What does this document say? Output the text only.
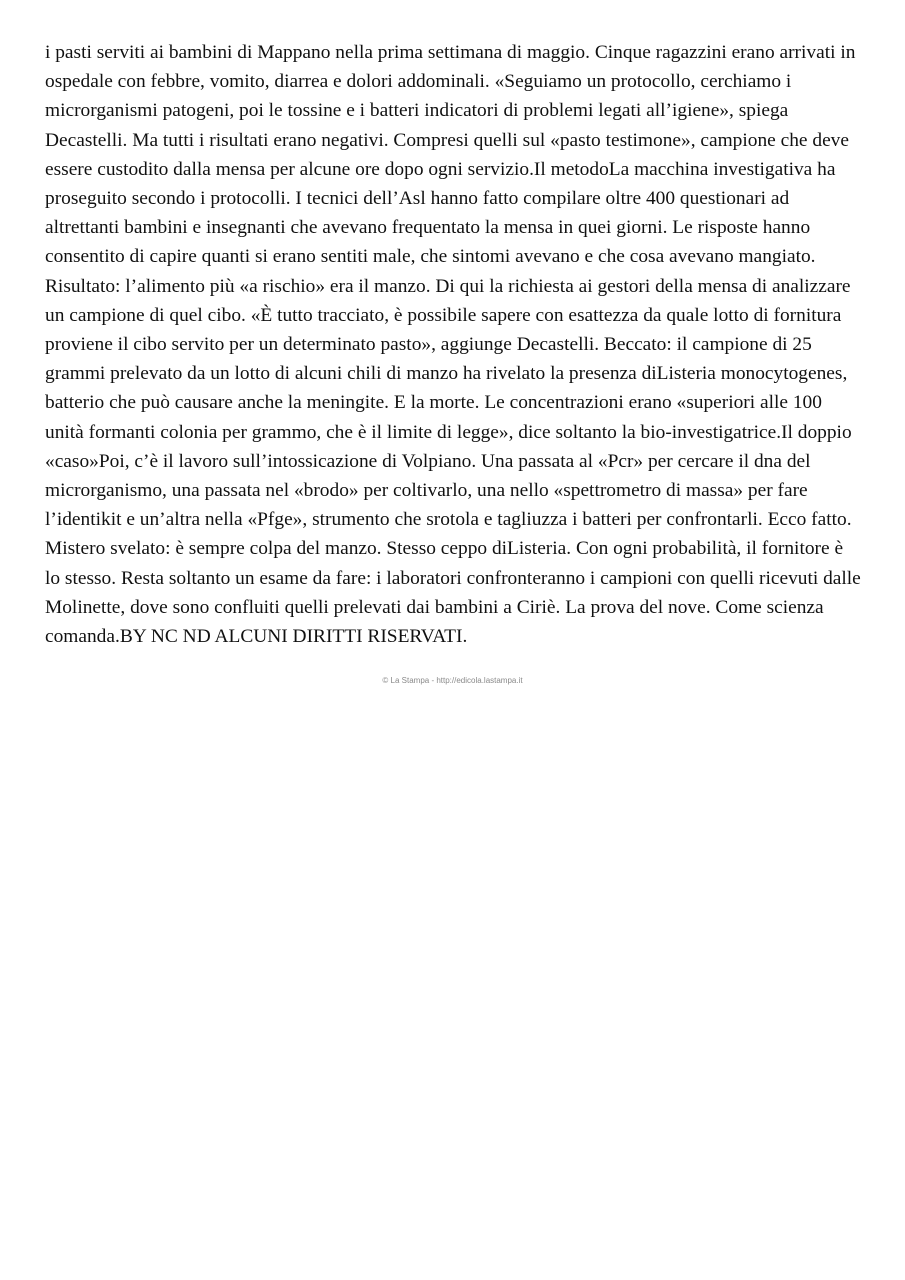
i pasti serviti ai bambini di Mappano nella prima settimana di maggio. Cinque ragazzini erano arrivati in
ospedale con febbre, vomito, diarrea e dolori addominali. «Seguiamo un protocollo, cerchiamo i
microrganismi patogeni, poi le tossine e i batteri indicatori di problemi legati all’igiene», spiega
Decastelli. Ma tutti i risultati erano negativi. Compresi quelli sul «pasto testimone», campione che deve
essere custodito dalla mensa per alcune ore dopo ogni servizio.Il metodoLa macchina investigativa ha
proseguito secondo i protocolli. I tecnici dell’Asl hanno fatto compilare oltre 400 questionari ad
altrettanti bambini e insegnanti che avevano frequentato la mensa in quei giorni. Le risposte hanno
consentito di capire quanti si erano sentiti male, che sintomi avevano e che cosa avevano mangiato.
Risultato: l’alimento più «a rischio» era il manzo. Di qui la richiesta ai gestori della mensa di analizzare
un campione di quel cibo. «È tutto tracciato, è possibile sapere con esattezza da quale lotto di fornitura
proviene il cibo servito per un determinato pasto», aggiunge Decastelli. Beccato: il campione di 25
grammi prelevato da un lotto di alcuni chili di manzo ha rivelato la presenza diListeria monocytogenes,
batterio che può causare anche la meningite. E la morte. Le concentrazioni erano «superiori alle 100
unità formanti colonia per grammo, che è il limite di legge», dice soltanto la bio-investigatrice.Il doppio
«caso»Poi, c’è il lavoro sull’intossicazione di Volpiano. Una passata al «Pcr» per cercare il dna del
microrganismo, una passata nel «brodo» per coltivarlo, una nello «spettrometro di massa» per fare
l’identikit e un’altra nella «Pfge», strumento che srotola e tagliuzza i batteri per confrontarli. Ecco fatto.
Mistero svelato: è sempre colpa del manzo. Stesso ceppo diListeria. Con ogni probabilità, il fornitore è
lo stesso. Resta soltanto un esame da fare: i laboratori confronteranno i campioni con quelli ricevuti dalle
Molinette, dove sono confluiti quelli prelevati dai bambini a Ciriè. La prova del nove. Come scienza
comanda.BY NC ND ALCUNI DIRITTI RISERVATI.

© La Stampa - http://edicola.lastampa.it
